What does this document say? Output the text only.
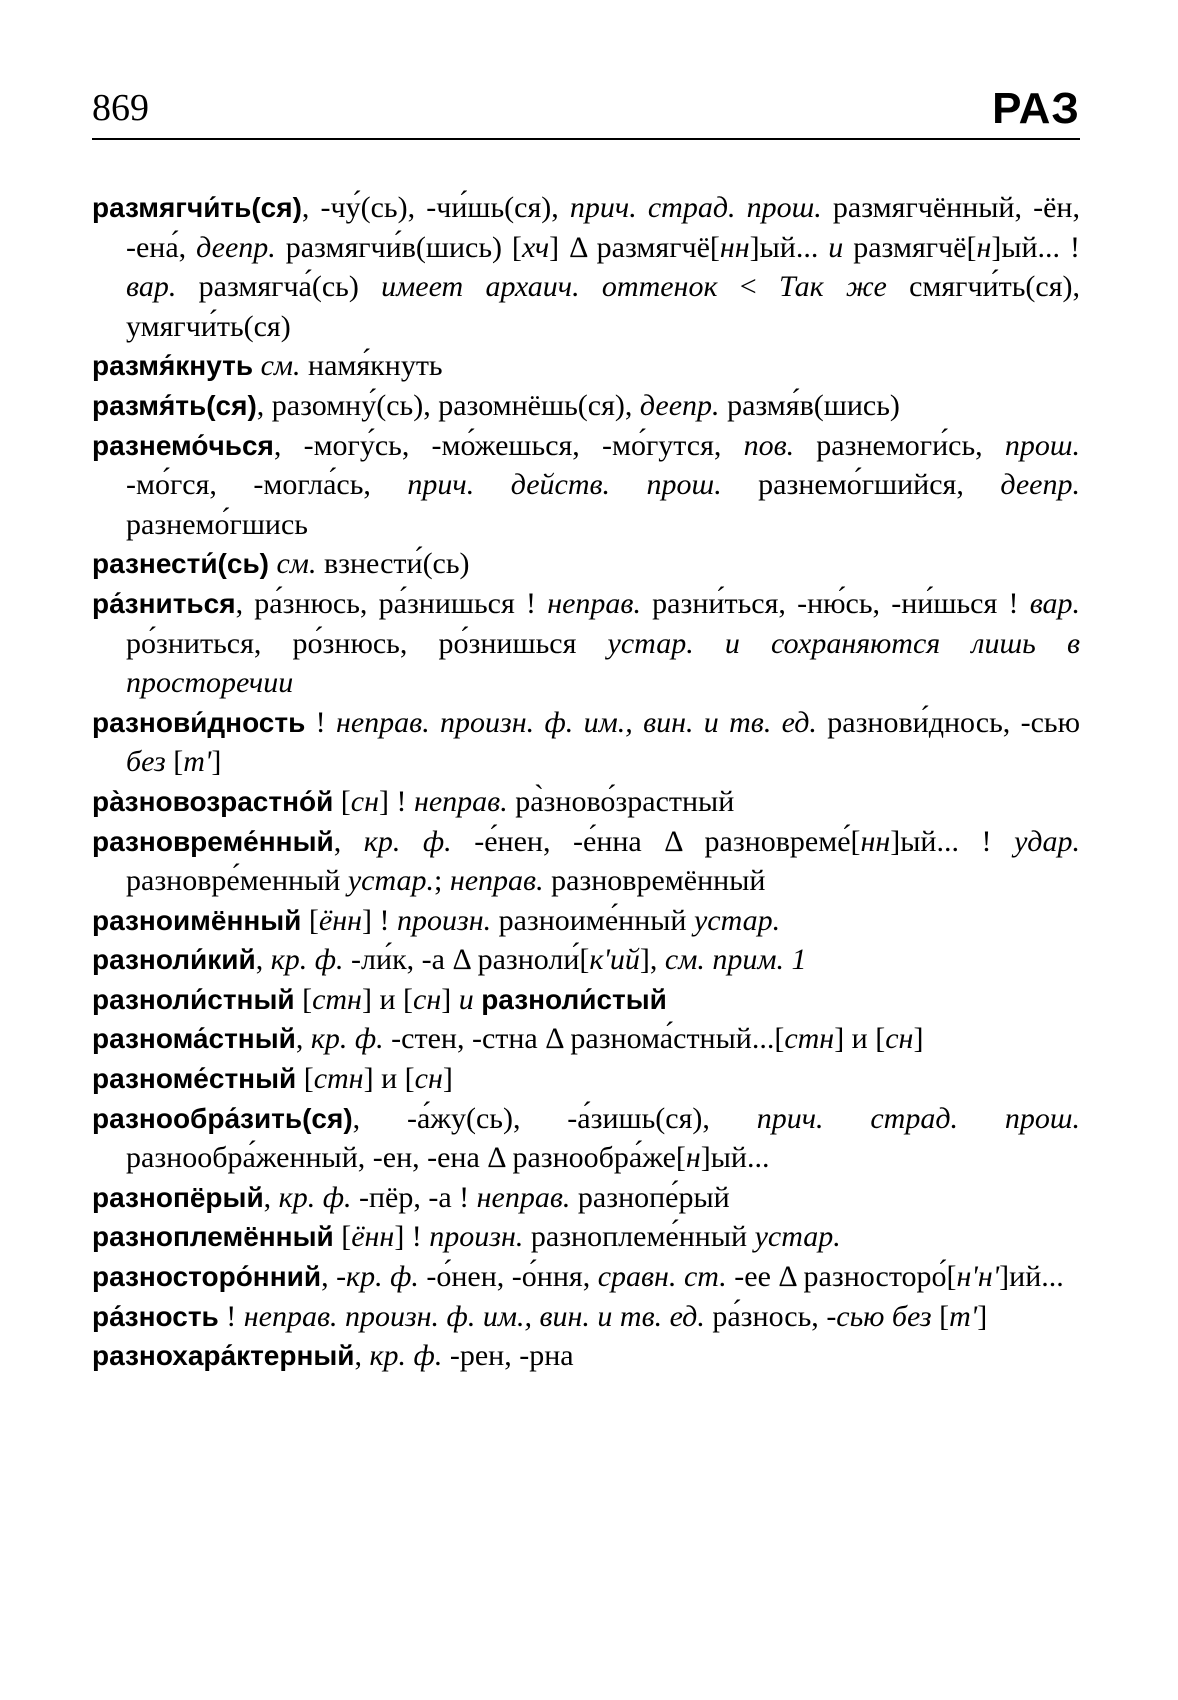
869	РАЗ

размягчи́ть(ся), -чу́(сь), -чи́шь(ся), прич. страд. прош. размягчённый, -ён, -ена́, деепр. размягчи́в(шись) [хч] Δ размягчё[нн]ый... и размягчё[н]ый... ! вар. размягча́(сь) имеет архаич. оттенок < Так же смягчи́ть(ся), умягчи́ть(ся)

размя́кнуть см. намя́кнуть

размя́ть(ся), разомну́(сь), разомнёшь(ся), деепр. размя́в(шись)

разнемо́чься, -могу́сь, -мо́жешься, -мо́гутся, пов. разнемоги́сь, прош. -мо́гся, -могла́сь, прич. действ. прош. разнемо́гшийся, деепр. разнемо́гшись

разнести́(сь) см. взнести́(сь)

ра́зниться, ра́знюсь, ра́знишься ! неправ. разни́ться, -ню́сь, -ни́шься ! вар. ро́зниться, ро́знюсь, ро́знишься устар. и сохраняются лишь в просторечии

разнови́дность ! неправ. произн. ф. им., вин. и тв. ед. разнови́днось, -сью без [т']

ра̀зновозрастно́й [сн] ! неправ. ра̀зново́зрастный

разновреме́нный, кр. ф. -е́нен, -е́нна Δ разновреме́[нн]ый... ! удар. разновре́менный устар.; неправ. разновремённый

разноимённый [ённ] ! произн. разноиме́нный устар.

разноли́кий, кр. ф. -ли́к, -а Δ разноли́[к'ий], см. прим. 1

разноли́стный [стн] и [сн] и разноли́стый

разнома́стный, кр. ф. -стен, -стна Δ разнома́стный...[стн] и [сн]

разноме́стный [стн] и [сн]

разнообра́зить(ся), -а́жу(сь), -а́зишь(ся), прич. страд. прош. разнообра́женный, -ен, -ена Δ разнообра́же[н]ый...

разнопёрый, кр. ф. -пёр, -а ! неправ. разнопе́рый

разноплемённый [ённ] ! произн. разноплеме́нный устар.

разносторо́нний, -кр. ф. -о́нен, -о́ння, сравн. ст. -ее Δ разносторо́[н'н']ий...

ра́зность ! неправ. произн. ф. им., вин. и тв. ед. ра́знось, -сью без [т']

разнохара́ктерный, кр. ф. -рен, -рна
